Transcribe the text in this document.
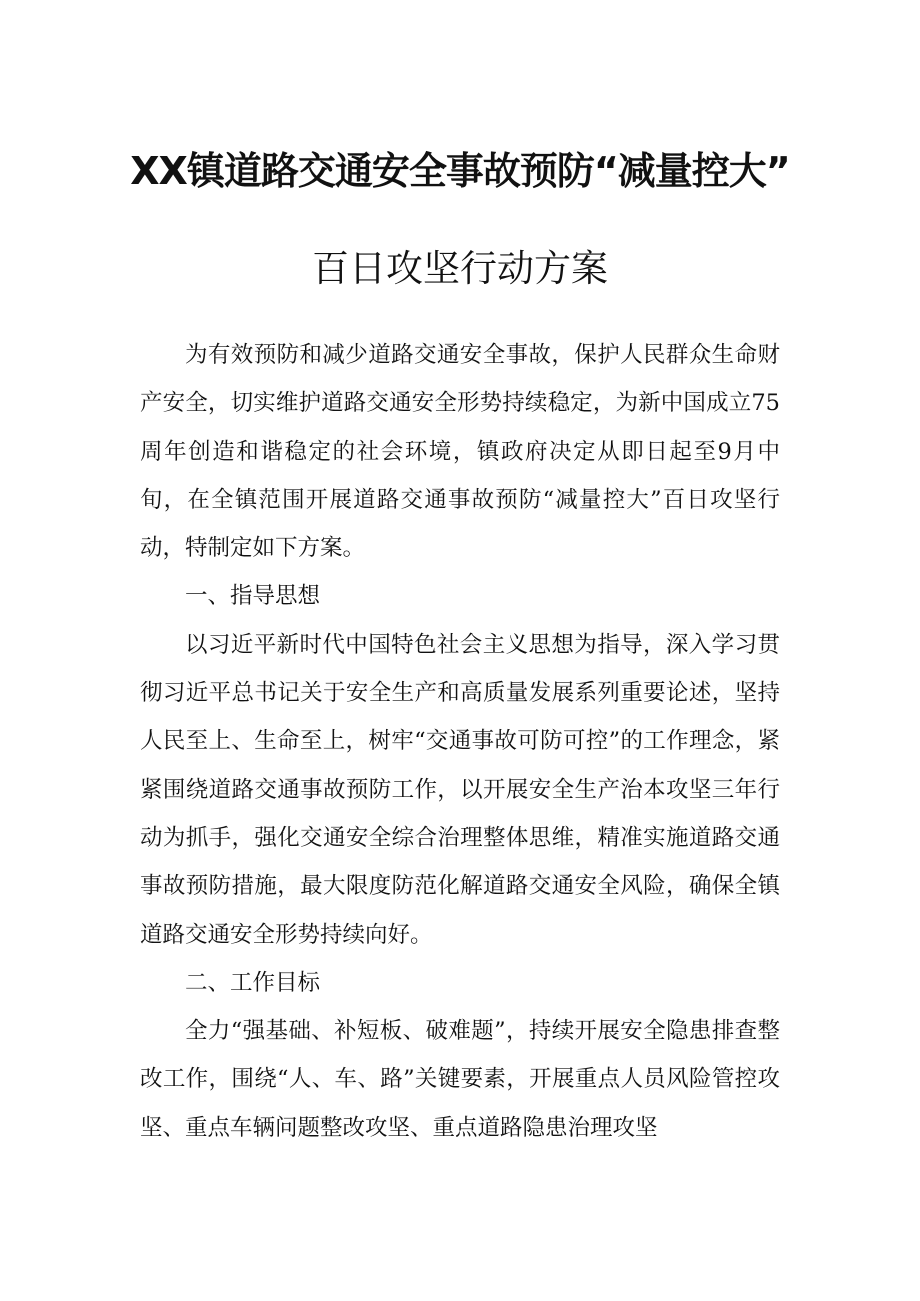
XX镇道路交通安全事故预防“减量控大”
百日攻坚行动方案

为有效预防和减少道路交通安全事故，保护人民群众生命财产安全，切实维护道路交通安全形势持续稳定，为新中国成立75周年创造和谐稳定的社会环境，镇政府决定从即日起至9月中旬，在全镇范围开展道路交通事故预防“减量控大”百日攻坚行动，特制定如下方案。

一、指导思想

以习近平新时代中国特色社会主义思想为指导，深入学习贯彻习近平总书记关于安全生产和高质量发展系列重要论述，坚持人民至上、生命至上，树牢“交通事故可防可控”的工作理念，紧紧围绕道路交通事故预防工作，以开展安全生产治本攻坚三年行动为抓手，强化交通安全综合治理整体思维，精准实施道路交通事故预防措施，最大限度防范化解道路交通安全风险，确保全镇道路交通安全形势持续向好。

二、工作目标

全力“强基础、补短板、破难题”，持续开展安全隐患排查整改工作，围绕“人、车、路”关键要素，开展重点人员风险管控攻坚、重点车辆问题整改攻坚、重点道路隐患治理攻坚
